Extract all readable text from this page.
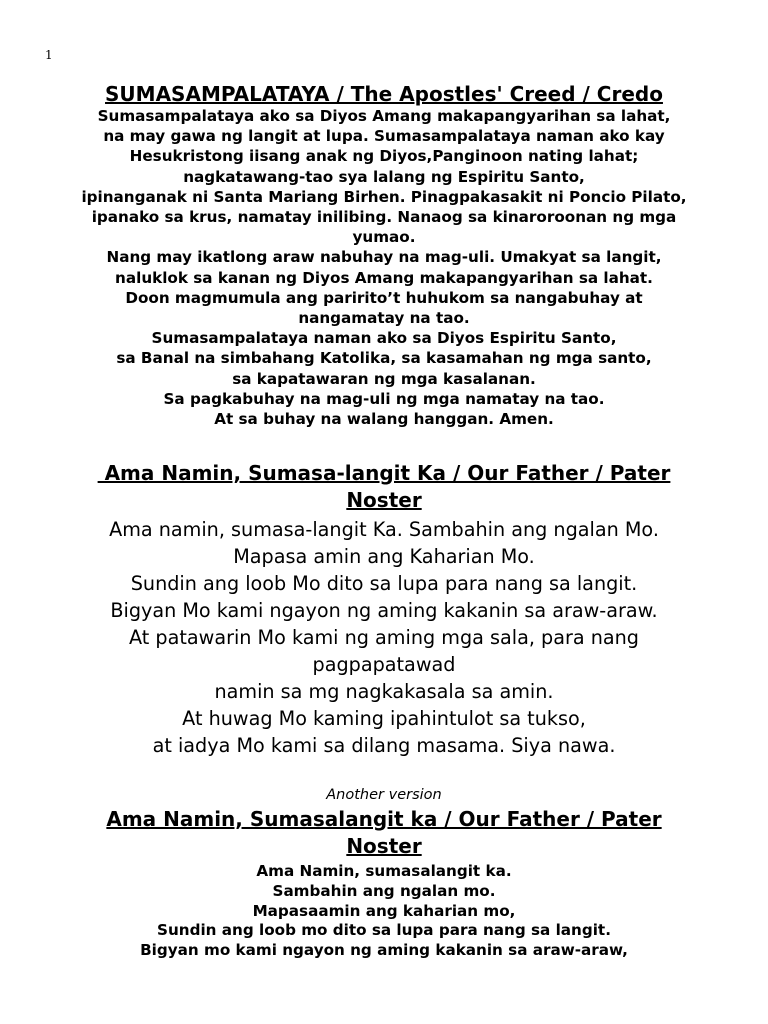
1
SUMASAMPALATAYA / The Apostles' Creed / Credo
Sumasampalataya ako sa Diyos Amang makapangyarihan sa lahat,
na may gawa ng langit at lupa. Sumasampalataya naman ako kay
Hesukristong iisang anak ng Diyos,Panginoon nating lahat;
nagkatawang-tao sya lalang ng Espiritu Santo,
ipinanganak ni Santa Mariang Birhen. Pinagpakasakit ni Poncio Pilato,
ipanako sa krus, namatay inilibing. Nanaog sa kinaroroonan ng mga
yumao.
Nang may ikatlong araw nabuhay na mag-uli. Umakyat sa langit,
naluklok sa kanan ng Diyos Amang makapangyarihan sa lahat.
Doon magmumula ang paririto’t huhukom sa nangabuhay at
nangamatay na tao.
Sumasampalataya naman ako sa Diyos Espiritu Santo,
sa Banal na simbahang Katolika, sa kasamahan ng mga santo,
sa kapatawaran ng mga kasalanan.
Sa pagkabuhay na mag-uli ng mga namatay na tao.
At sa buhay na walang hanggan. Amen.
Ama Namin, Sumasa-langit Ka / Our Father / Pater
Noster
Ama namin, sumasa-langit Ka. Sambahin ang ngalan Mo.
Mapasa amin ang Kaharian Mo.
Sundin ang loob Mo dito sa lupa para nang sa langit.
Bigyan Mo kami ngayon ng aming kakanin sa araw-araw.
At patawarin Mo kami ng aming mga sala, para nang
pagpapatawad
namin sa mg nagkakasala sa amin.
At huwag Mo kaming ipahintulot sa tukso,
at iadya Mo kami sa dilang masama. Siya nawa.
Another version
Ama Namin, Sumasalangit ka / Our Father / Pater
Noster
Ama Namin, sumasalangit ka.
Sambahin ang ngalan mo.
Mapasaamin ang kaharian mo,
Sundin ang loob mo dito sa lupa para nang sa langit.
Bigyan mo kami ngayon ng aming kakanin sa araw-araw,
